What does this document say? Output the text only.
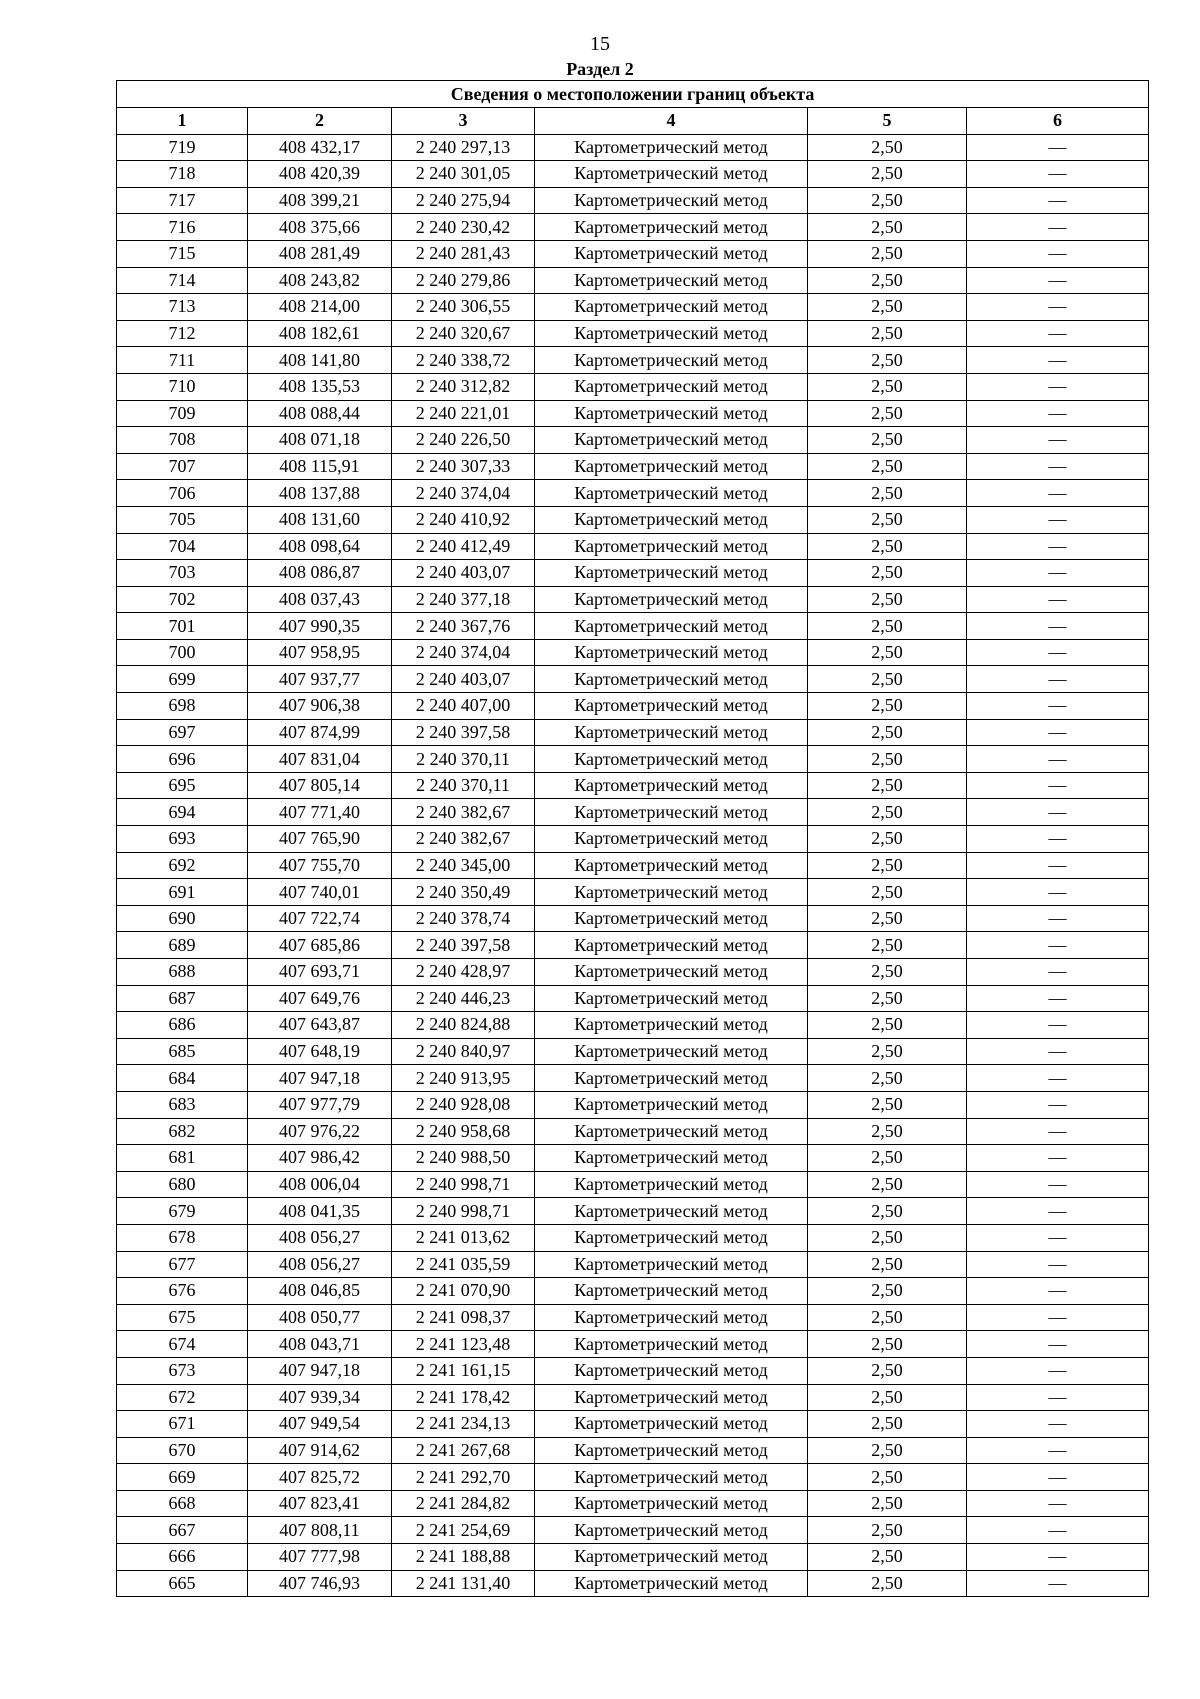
15
Раздел 2
Сведения о местоположении границ объекта					
1	2	3	4	5	6
719	408 432,17	2 240 297,13	Картометрический метод	2,50	—
718	408 420,39	2 240 301,05	Картометрический метод	2,50	—
717	408 399,21	2 240 275,94	Картометрический метод	2,50	—
716	408 375,66	2 240 230,42	Картометрический метод	2,50	—
715	408 281,49	2 240 281,43	Картометрический метод	2,50	—
714	408 243,82	2 240 279,86	Картометрический метод	2,50	—
713	408 214,00	2 240 306,55	Картометрический метод	2,50	—
712	408 182,61	2 240 320,67	Картометрический метод	2,50	—
711	408 141,80	2 240 338,72	Картометрический метод	2,50	—
710	408 135,53	2 240 312,82	Картометрический метод	2,50	—
709	408 088,44	2 240 221,01	Картометрический метод	2,50	—
708	408 071,18	2 240 226,50	Картометрический метод	2,50	—
707	408 115,91	2 240 307,33	Картометрический метод	2,50	—
706	408 137,88	2 240 374,04	Картометрический метод	2,50	—
705	408 131,60	2 240 410,92	Картометрический метод	2,50	—
704	408 098,64	2 240 412,49	Картометрический метод	2,50	—
703	408 086,87	2 240 403,07	Картометрический метод	2,50	—
702	408 037,43	2 240 377,18	Картометрический метод	2,50	—
701	407 990,35	2 240 367,76	Картометрический метод	2,50	—
700	407 958,95	2 240 374,04	Картометрический метод	2,50	—
699	407 937,77	2 240 403,07	Картометрический метод	2,50	—
698	407 906,38	2 240 407,00	Картометрический метод	2,50	—
697	407 874,99	2 240 397,58	Картометрический метод	2,50	—
696	407 831,04	2 240 370,11	Картометрический метод	2,50	—
695	407 805,14	2 240 370,11	Картометрический метод	2,50	—
694	407 771,40	2 240 382,67	Картометрический метод	2,50	—
693	407 765,90	2 240 382,67	Картометрический метод	2,50	—
692	407 755,70	2 240 345,00	Картометрический метод	2,50	—
691	407 740,01	2 240 350,49	Картометрический метод	2,50	—
690	407 722,74	2 240 378,74	Картометрический метод	2,50	—
689	407 685,86	2 240 397,58	Картометрический метод	2,50	—
688	407 693,71	2 240 428,97	Картометрический метод	2,50	—
687	407 649,76	2 240 446,23	Картометрический метод	2,50	—
686	407 643,87	2 240 824,88	Картометрический метод	2,50	—
685	407 648,19	2 240 840,97	Картометрический метод	2,50	—
684	407 947,18	2 240 913,95	Картометрический метод	2,50	—
683	407 977,79	2 240 928,08	Картометрический метод	2,50	—
682	407 976,22	2 240 958,68	Картометрический метод	2,50	—
681	407 986,42	2 240 988,50	Картометрический метод	2,50	—
680	408 006,04	2 240 998,71	Картометрический метод	2,50	—
679	408 041,35	2 240 998,71	Картометрический метод	2,50	—
678	408 056,27	2 241 013,62	Картометрический метод	2,50	—
677	408 056,27	2 241 035,59	Картометрический метод	2,50	—
676	408 046,85	2 241 070,90	Картометрический метод	2,50	—
675	408 050,77	2 241 098,37	Картометрический метод	2,50	—
674	408 043,71	2 241 123,48	Картометрический метод	2,50	—
673	407 947,18	2 241 161,15	Картометрический метод	2,50	—
672	407 939,34	2 241 178,42	Картометрический метод	2,50	—
671	407 949,54	2 241 234,13	Картометрический метод	2,50	—
670	407 914,62	2 241 267,68	Картометрический метод	2,50	—
669	407 825,72	2 241 292,70	Картометрический метод	2,50	—
668	407 823,41	2 241 284,82	Картометрический метод	2,50	—
667	407 808,11	2 241 254,69	Картометрический метод	2,50	—
666	407 777,98	2 241 188,88	Картометрический метод	2,50	—
665	407 746,93	2 241 131,40	Картометрический метод	2,50	—
